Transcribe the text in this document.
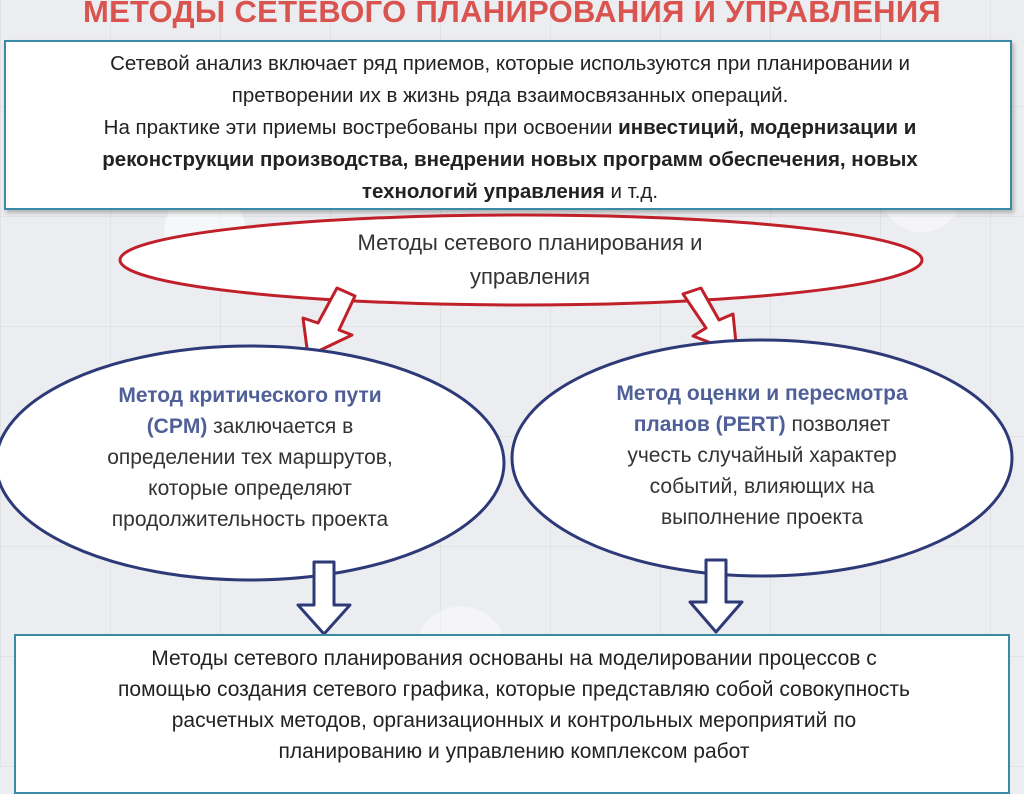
МЕТОДЫ СЕТЕВОГО ПЛАНИРОВАНИЯ И УПРАВЛЕНИЯ
Сетевой анализ включает ряд приемов, которые используются при планировании и
претворении их в жизнь ряда взаимосвязанных операций.
На практике эти приемы востребованы при освоении инвестиций, модернизации и
реконструкции производства, внедрении новых программ обеспечения, новых
технологий управления и т.д.
Методы сетевого планирования и
управления
Метод критического пути
(CPM) заключается в
определении тех маршрутов,
которые определяют
продолжительность проекта
Метод оценки и пересмотра
планов (PERT) позволяет
учесть случайный характер
событий, влияющих на
выполнение проекта
Методы сетевого планирования основаны на моделировании процессов с
помощью создания сетевого графика, которые представляю собой совокупность
расчетных методов, организационных и контрольных мероприятий по
планированию и управлению комплексом работ
